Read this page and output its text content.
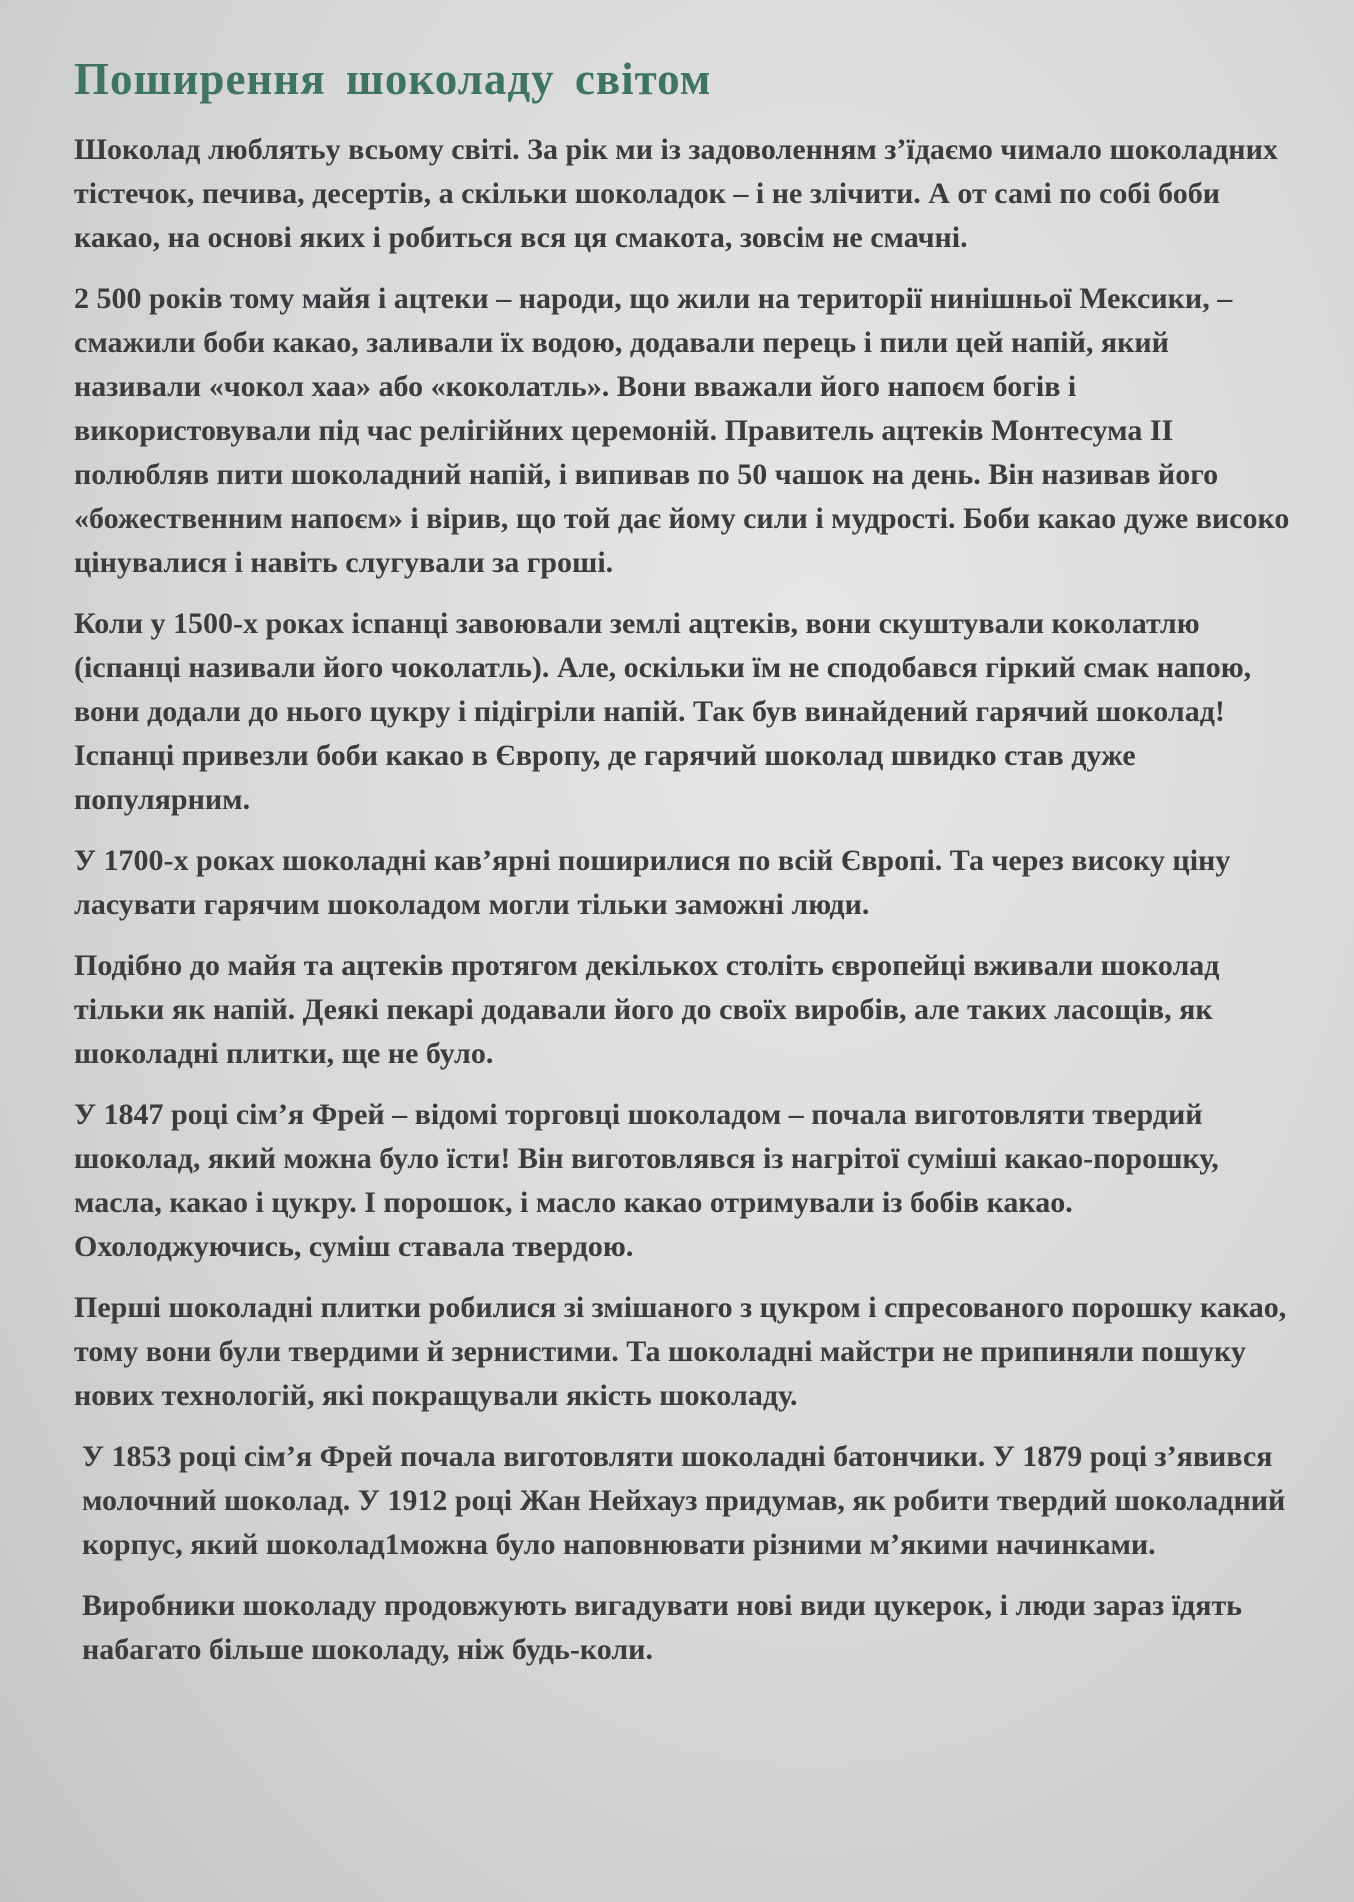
Поширення шоколаду світом

Шоколад люблятьу всьому світі. За рік ми із задоволенням з’їдаємо чимало шоколадних тістечок, печива, десертів, а скільки шоколадок – і не злічити. А от самі по собі боби какао, на основі яких і робиться вся ця смакота, зовсім не смачні.

2 500 років тому майя і ацтеки – народи, що жили на території нинішньої Мексики, – смажили боби какао, заливали їх водою, додавали перець і пили цей напій, який називали «чокол хаа» або «коколатль». Вони вважали його напоєм богів і використовували під час релігійних церемоній. Правитель ацтеків Монтесума II полюбляв пити шоколадний напій, і випивав по 50 чашок на день. Він називав його «божественним напоєм» і вірив, що той дає йому сили і мудрості. Боби какао дуже високо цінувалися і навіть слугували за гроші.

Коли у 1500-х роках іспанці завоювали землі ацтеків, вони скуштували коколатлю (іспанці називали його чоколатль). Але, оскільки їм не сподобався гіркий смак напою, вони додали до нього цукру і підігріли напій. Так був винайдений гарячий шоколад! Іспанці привезли боби какао в Європу, де гарячий шоколад швидко став дуже популярним.

У 1700-х роках шоколадні кав’ярні поширилися по всій Європі. Та через високу ціну ласувати гарячим шоколадом могли тільки заможні люди.

Подібно до майя та ацтеків протягом декількох століть європейці вживали шоколад тільки як напій. Деякі пекарі додавали його до своїх виробів, але таких ласощів, як шоколадні плитки, ще не було.

У 1847 році сім’я Фрей – відомі торговці шоколадом – почала виготовляти твердий шоколад, який можна було їсти! Він виготовлявся із нагрітої суміші какао-порошку, масла, какао і цукру. І порошок, і масло какао отримували із бобів какао. Охолоджуючись, суміш ставала твердою.

Перші шоколадні плитки робилися зі змішаного з цукром і спресованого порошку какао, тому вони були твердими й зернистими. Та шоколадні майстри не припиняли пошуку нових технологій, які покращували якість шоколаду.

У 1853 році сім’я Фрей почала виготовляти шоколадні батончики. У 1879 році з’явився молочний шоколад. У 1912 році Жан Нейхауз придумав, як робити твердий шоколадний корпус, який шоколад1можна було наповнювати різними м’якими начинками.

Виробники шоколаду продовжують вигадувати нові види цукерок, і люди зараз їдять набагато більше шоколаду, ніж будь-коли.
